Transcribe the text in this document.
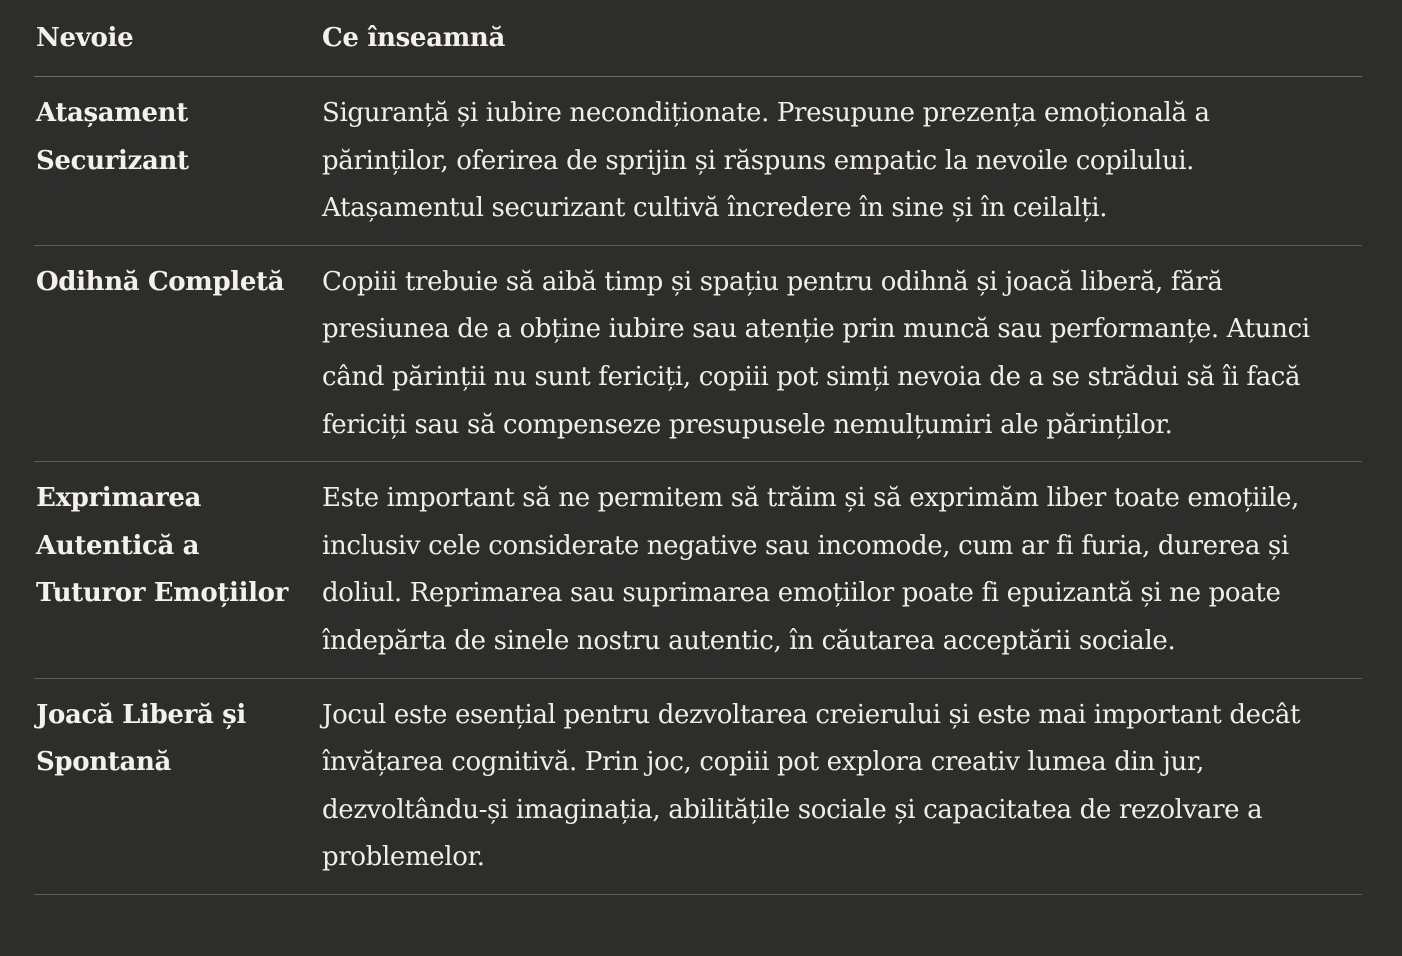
Nevoie	Ce înseamnă
Atașament Securizant	Siguranță și iubire necondiționate. Presupune prezența emoțională a părinților, oferirea de sprijin și răspuns empatic la nevoile copilului. Atașamentul securizant cultivă încredere în sine și în ceilalți.
Odihnă Completă	Copiii trebuie să aibă timp și spațiu pentru odihnă și joacă liberă, fără presiunea de a obține iubire sau atenție prin muncă sau performanțe. Atunci când părinții nu sunt fericiți, copiii pot simți nevoia de a se strădui să îi facă fericiți sau să compenseze presupusele nemulțumiri ale părinților.
Exprimarea Autentică a Tuturor Emoțiilor	Este important să ne permitem să trăim și să exprimăm liber toate emoțiile, inclusiv cele considerate negative sau incomode, cum ar fi furia, durerea și doliul. Reprimarea sau suprimarea emoțiilor poate fi epuizantă și ne poate îndepărta de sinele nostru autentic, în căutarea acceptării sociale.
Joacă Liberă și Spontană	Jocul este esențial pentru dezvoltarea creierului și este mai important decât învățarea cognitivă. Prin joc, copiii pot explora creativ lumea din jur, dezvoltându-și imaginația, abilitățile sociale și capacitatea de rezolvare a problemelor.
